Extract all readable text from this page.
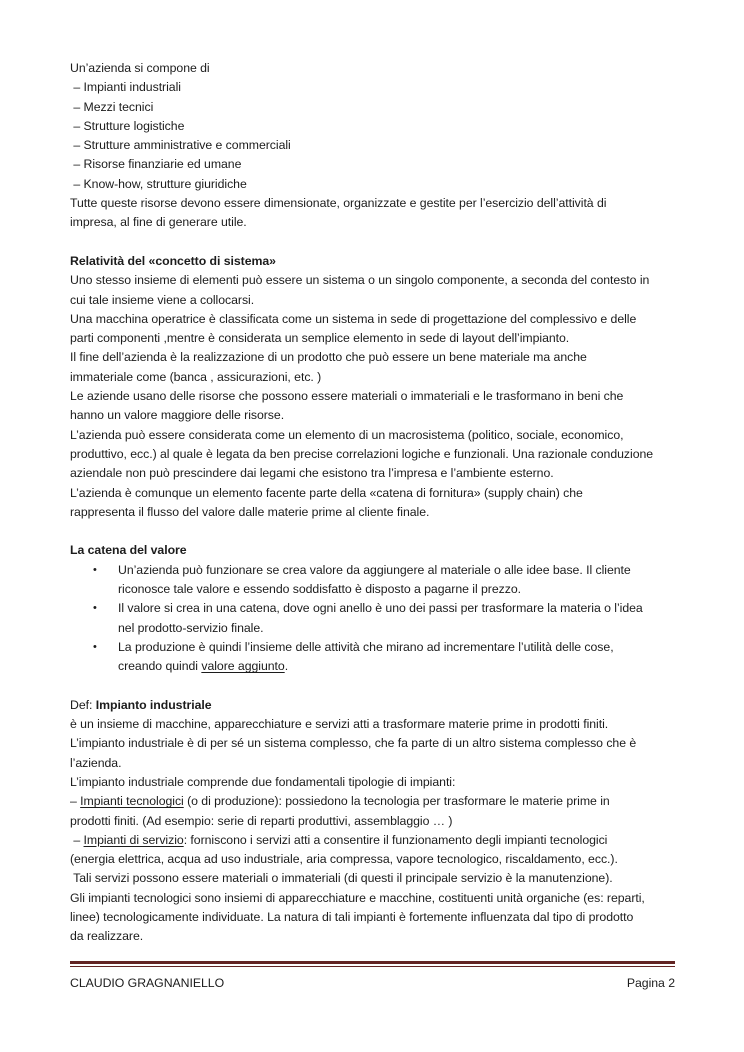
Un’azienda si compone di
– Impianti industriali
– Mezzi tecnici
– Strutture logistiche
– Strutture amministrative e commerciali
– Risorse finanziarie ed umane
– Know-how, strutture giuridiche
Tutte queste risorse devono essere dimensionate, organizzate e gestite per l’esercizio dell’attività di
impresa, al fine di generare utile.
Relatività del «concetto di sistema»
Uno stesso insieme di elementi può essere un sistema o un singolo componente, a seconda del contesto in
cui tale insieme viene a collocarsi.
Una macchina operatrice è classificata come un sistema in sede di progettazione del complessivo e delle
parti componenti ,mentre è considerata un semplice elemento in sede di layout dell’impianto.
Il fine dell’azienda è la realizzazione di un prodotto che può essere un bene materiale ma anche
immateriale come (banca , assicurazioni, etc. )
Le aziende usano delle risorse che possono essere materiali o immateriali e le trasformano in beni che
hanno un valore maggiore delle risorse.
L’azienda può essere considerata come un elemento di un macrosistema (politico, sociale, economico,
produttivo, ecc.) al quale è legata da ben precise correlazioni logiche e funzionali. Una razionale conduzione
aziendale non può prescindere dai legami che esistono tra l’impresa e l’ambiente esterno.
L’azienda è comunque un elemento facente parte della «catena di fornitura» (supply chain) che
rappresenta il flusso del valore dalle materie prime al cliente finale.
La catena del valore
•	Un’azienda può funzionare se crea valore da aggiungere al materiale o alle idee base. Il cliente
riconosce tale valore e essendo soddisfatto è disposto a pagarne il prezzo.
•	Il valore si crea in una catena, dove ogni anello è uno dei passi per trasformare la materia o l’idea
nel prodotto-servizio finale.
•	La produzione è quindi l’insieme delle attività che mirano ad incrementare l’utilità delle cose,
creando quindi valore aggiunto.
Def: Impianto industriale
è un insieme di macchine, apparecchiature e servizi atti a trasformare materie prime in prodotti finiti.
L’impianto industriale è di per sé un sistema complesso, che fa parte di un altro sistema complesso che è
l’azienda.
L’impianto industriale comprende due fondamentali tipologie di impianti:
– Impianti tecnologici (o di produzione): possiedono la tecnologia per trasformare le materie prime in
prodotti finiti. (Ad esempio: serie di reparti produttivi, assemblaggio … )
– Impianti di servizio: forniscono i servizi atti a consentire il funzionamento degli impianti tecnologici
(energia elettrica, acqua ad uso industriale, aria compressa, vapore tecnologico, riscaldamento, ecc.).
Tali servizi possono essere materiali o immateriali (di questi il principale servizio è la manutenzione).
Gli impianti tecnologici sono insiemi di apparecchiature e macchine, costituenti unità organiche (es: reparti,
linee) tecnologicamente individuate. La natura di tali impianti è fortemente influenzata dal tipo di prodotto
da realizzare.
CLAUDIO GRAGNANIELLO	Pagina 2
